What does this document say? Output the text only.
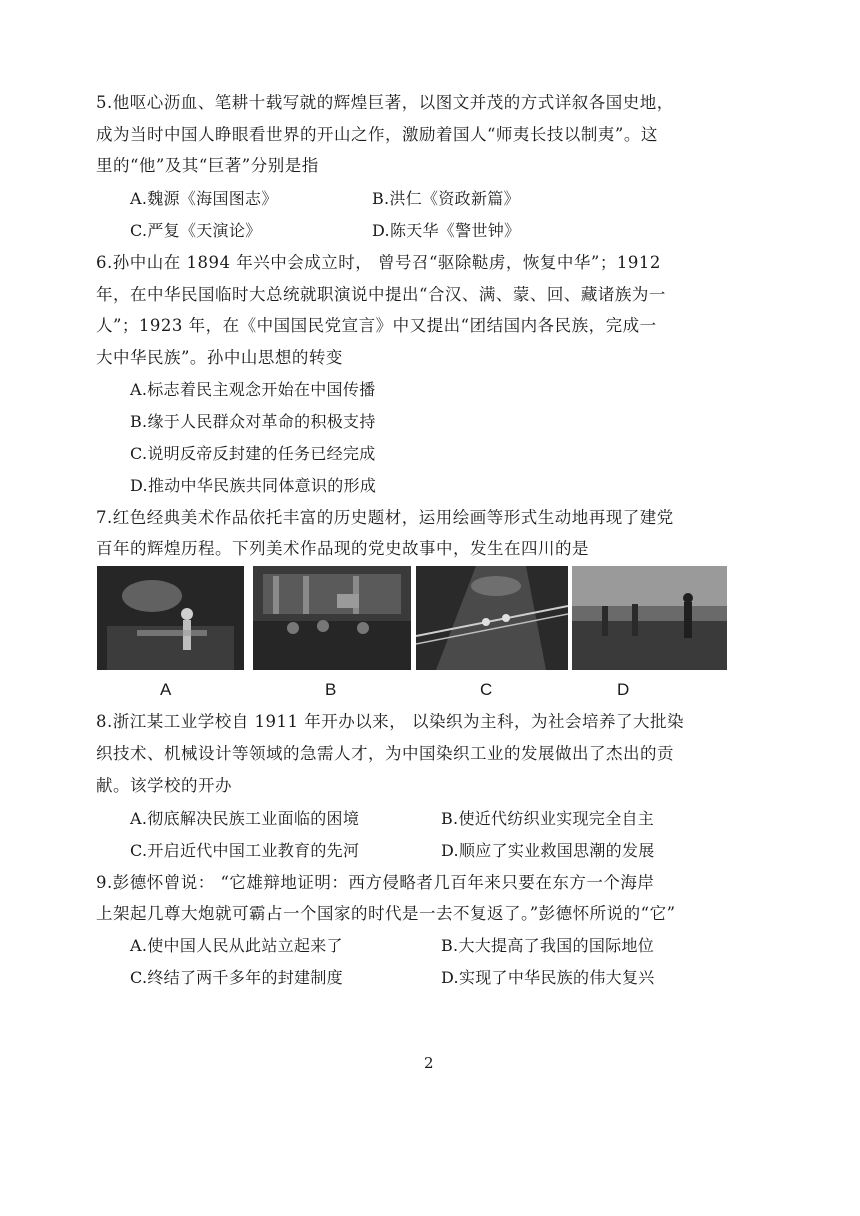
5.他呕心沥血、笔耕十载写就的辉煌巨著，以图文并茂的方式详叙各国史地，
成为当时中国人睁眼看世界的开山之作，激励着国人“师夷长技以制夷”。这
里的“他”及其“巨著”分别是指
A.魏源《海国图志》	B.洪仁《资政新篇》
C.严复《天演论》	D.陈天华《警世钟》
6.孙中山在 1894 年兴中会成立时， 曾号召“驱除鞑虏，恢复中华”；1912
年，在中华民国临时大总统就职演说中提出“合汉、满、蒙、回、藏诸族为一
人”；1923 年，在《中国国民党宣言》中又提出“团结国内各民族，完成一
大中华民族”。孙中山思想的转变
A.标志着民主观念开始在中国传播
B.缘于人民群众对革命的积极支持
C.说明反帝反封建的任务已经完成
D.推动中华民族共同体意识的形成
7.红色经典美术作品依托丰富的历史题材，运用绘画等形式生动地再现了建党
百年的辉煌历程。下列美术作品现的党史故事中，发生在四川的是
A	B	C	D
8.浙江某工业学校自 1911 年开办以来， 以染织为主科，为社会培养了大批染
织技术、机械设计等领域的急需人才，为中国染织工业的发展做出了杰出的贡
献。该学校的开办
A.彻底解决民族工业面临的困境	B.使近代纺织业实现完全自主
C.开启近代中国工业教育的先河	D.顺应了实业救国思潮的发展
9.彭德怀曾说： “它雄辩地证明：西方侵略者几百年来只要在东方一个海岸
上架起几尊大炮就可霸占一个国家的时代是一去不复返了。”彭德怀所说的“它”
A.使中国人民从此站立起来了	B.大大提高了我国的国际地位
C.终结了两千多年的封建制度	D.实现了中华民族的伟大复兴
2
